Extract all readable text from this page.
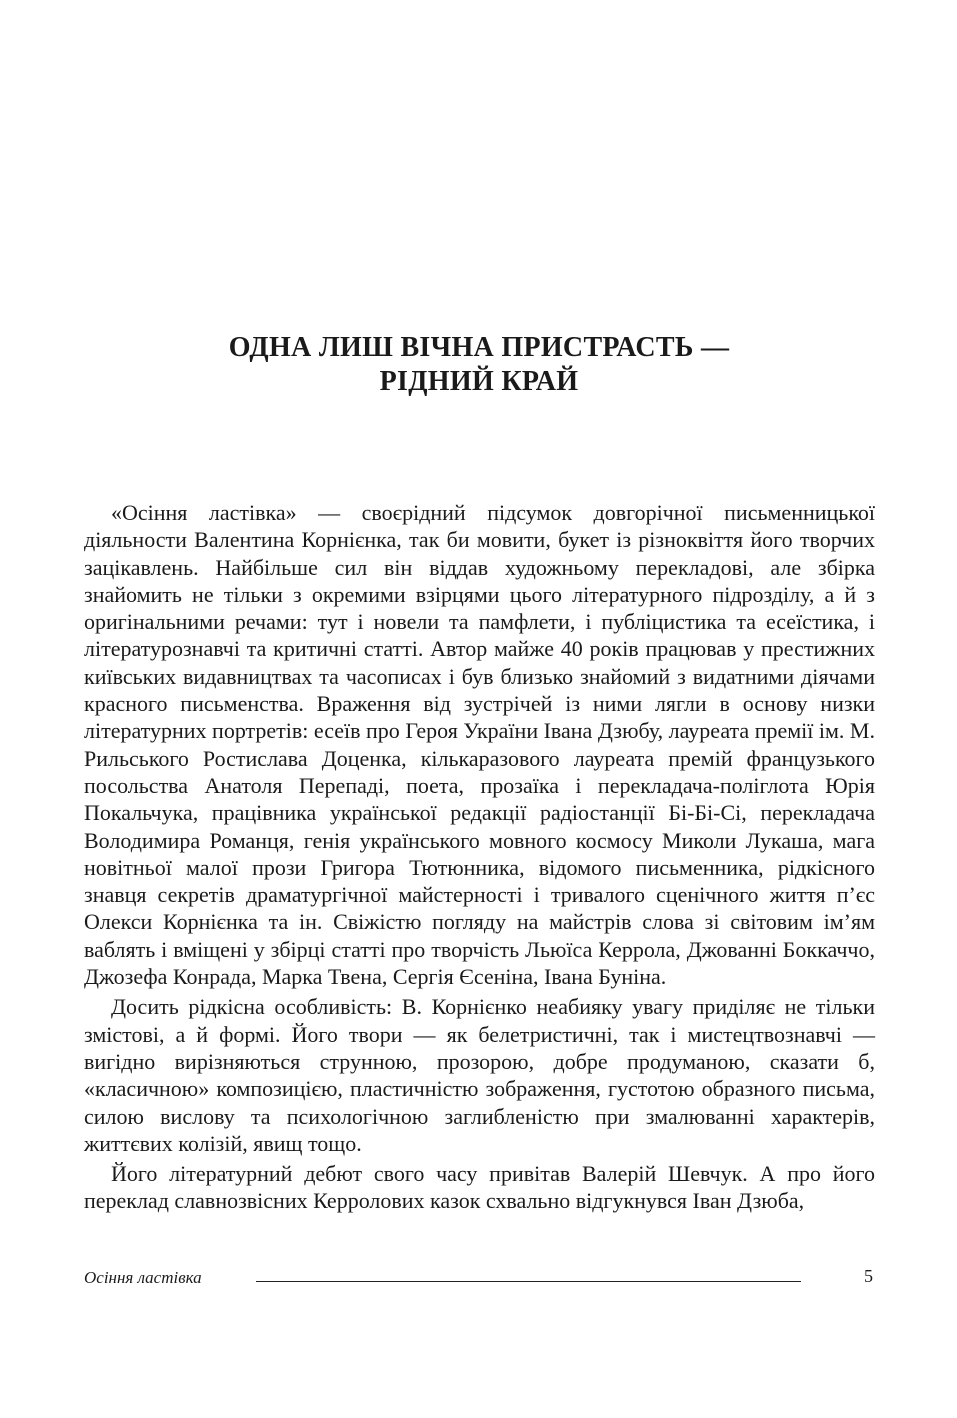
ОДНА ЛИШ ВІЧНА ПРИСТРАСТЬ —
РІДНИЙ КРАЙ

«Осіння ластівка» — своєрідний підсумок довгорічної письменницької діяльности Валентина Корнієнка, так би мовити, букет із різноквіття його творчих зацікавлень. Найбільше сил він віддав художньому перекладові, але збірка знайомить не тільки з окремими взірцями цього літературного підрозділу, а й з оригінальними речами: тут і новели та памфлети, і публіцистика та есеїстика, і літературознавчі та критичні статті. Автор майже 40 років працював у престижних київських видавництвах та часописах і був близько знайомий з видатними діячами красного письменства. Враження від зустрічей із ними лягли в основу низки літературних портретів: есеїв про Героя України Івана Дзюбу, лауреата премії ім. М. Рильського Ростислава Доценка, кількаразового лауреата премій французького посольства Анатоля Перепаді, поета, прозаїка і перекладача-поліглота Юрія Покальчука, працівника української редакції радіостанції Бі-Бі-Сі, перекладача Володимира Романця, генія українського мовного космосу Миколи Лукаша, мага новітньої малої прози Григора Тютюнника, відомого письменника, рідкісного знавця секретів драматургічної майстерності і тривалого сценічного життя п’єс Олекси Корнієнка та ін. Свіжістю погляду на майстрів слова зі світовим ім’ям ваблять і вміщені у збірці статті про творчість Льюїса Керрола, Джованні Боккаччо, Джозефа Конрада, Марка Твена, Сергія Єсеніна, Івана Буніна.

Досить рідкісна особливість: В. Корнієнко неабияку увагу приділяє не тільки змістові, а й формі. Його твори — як белетристичні, так і мистецтвознавчі — вигідно вирізняються струнною, прозорою, добре продуманою, сказати б, «класичною» композицією, пластичністю зображення, густотою образного письма, силою вислову та психологічною заглибленістю при змалюванні характерів, життєвих колізій, явищ тощо.

Його літературний дебют свого часу привітав Валерій Шевчук. А про його переклад славнозвісних Керролових казок схвально відгукнувся Іван Дзюба,

Осіння ластівка	5
